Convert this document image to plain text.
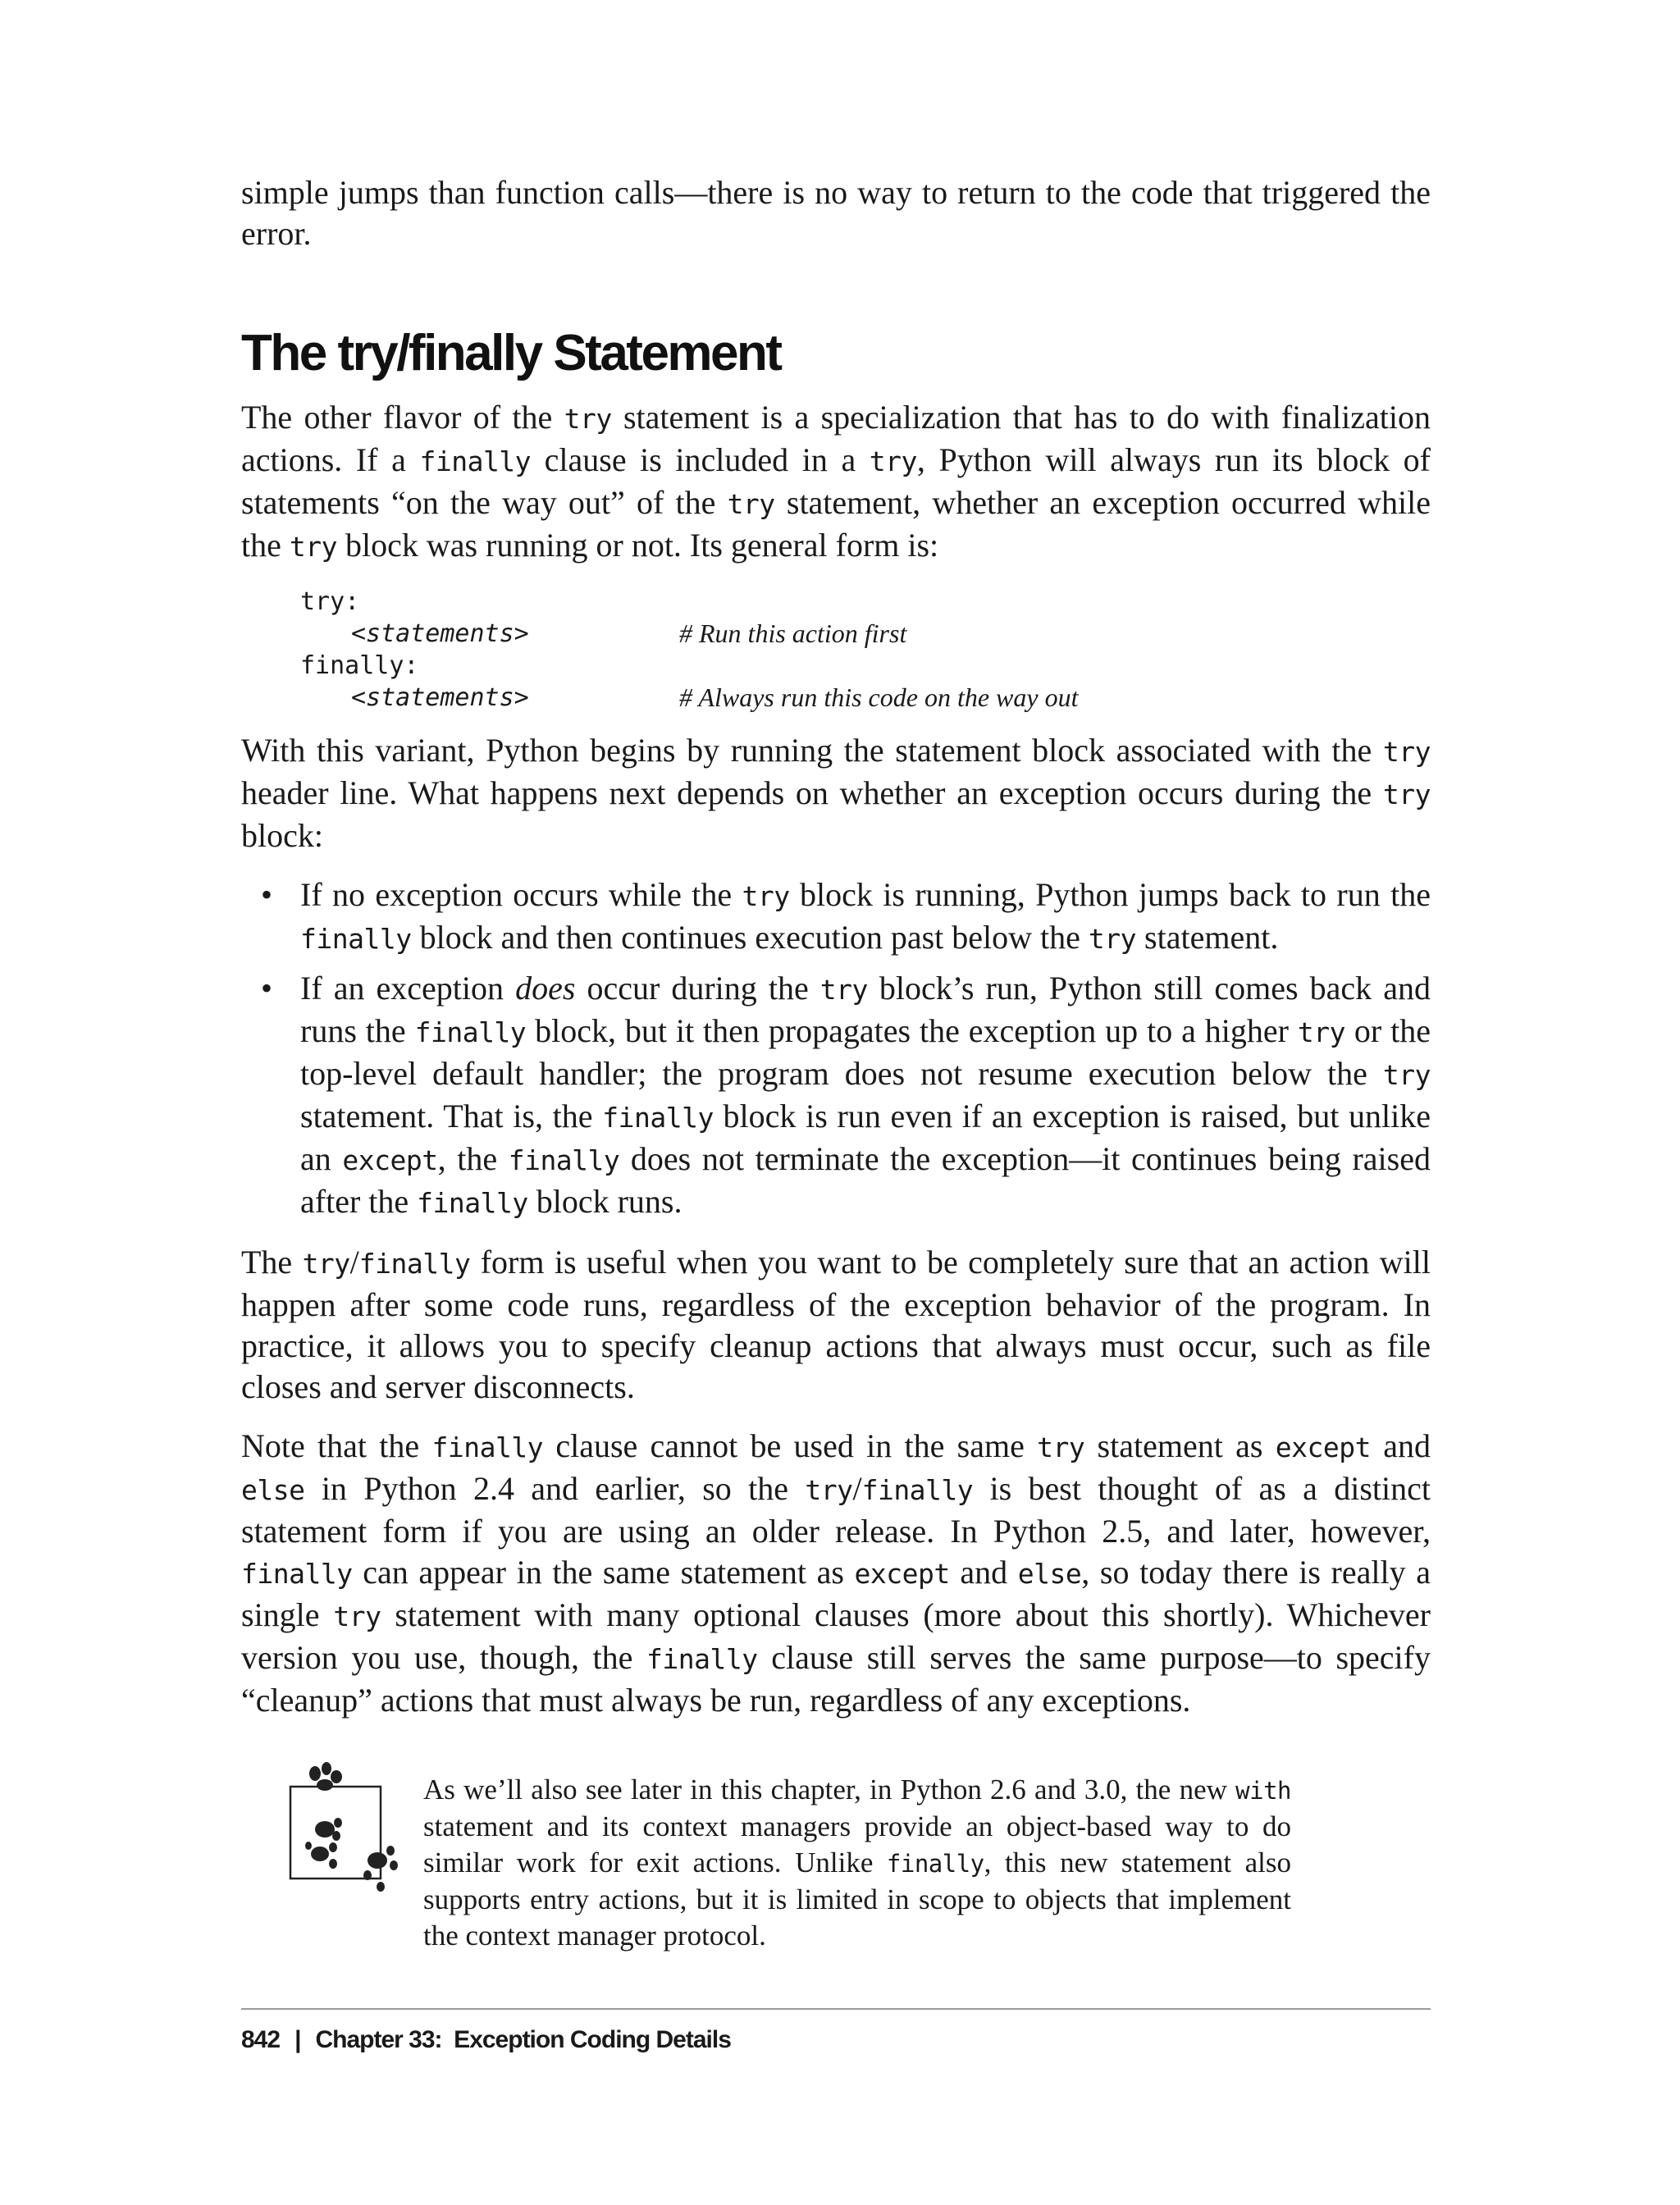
simple jumps than function calls—there is no way to return to the code that triggered the error.

The try/finally Statement

The other flavor of the try statement is a specialization that has to do with finalization actions. If a finally clause is included in a try, Python will always run its block of statements “on the way out” of the try statement, whether an exception occurred while the try block was running or not. Its general form is:

try:
<statements>	# Run this action first
finally:
<statements>	# Always run this code on the way out

With this variant, Python begins by running the statement block associated with the try header line. What happens next depends on whether an exception occurs during the try block:

• If no exception occurs while the try block is running, Python jumps back to run the finally block and then continues execution past below the try statement.
• If an exception does occur during the try block’s run, Python still comes back and runs the finally block, but it then propagates the exception up to a higher try or the top-level default handler; the program does not resume execution below the try statement. That is, the finally block is run even if an exception is raised, but unlike an except, the finally does not terminate the exception—it continues being raised after the finally block runs.

The try/finally form is useful when you want to be completely sure that an action will happen after some code runs, regardless of the exception behavior of the program. In practice, it allows you to specify cleanup actions that always must occur, such as file closes and server disconnects.

Note that the finally clause cannot be used in the same try statement as except and else in Python 2.4 and earlier, so the try/finally is best thought of as a distinct statement form if you are using an older release. In Python 2.5, and later, however, finally can appear in the same statement as except and else, so today there is really a single try statement with many optional clauses (more about this shortly). Whichever version you use, though, the finally clause still serves the same purpose—to specify “cleanup” actions that must always be run, regardless of any exceptions.

As we’ll also see later in this chapter, in Python 2.6 and 3.0, the new with statement and its context managers provide an object-based way to do similar work for exit actions. Unlike finally, this new statement also supports entry actions, but it is limited in scope to objects that implement the context manager protocol.

842 | Chapter 33:  Exception Coding Details
